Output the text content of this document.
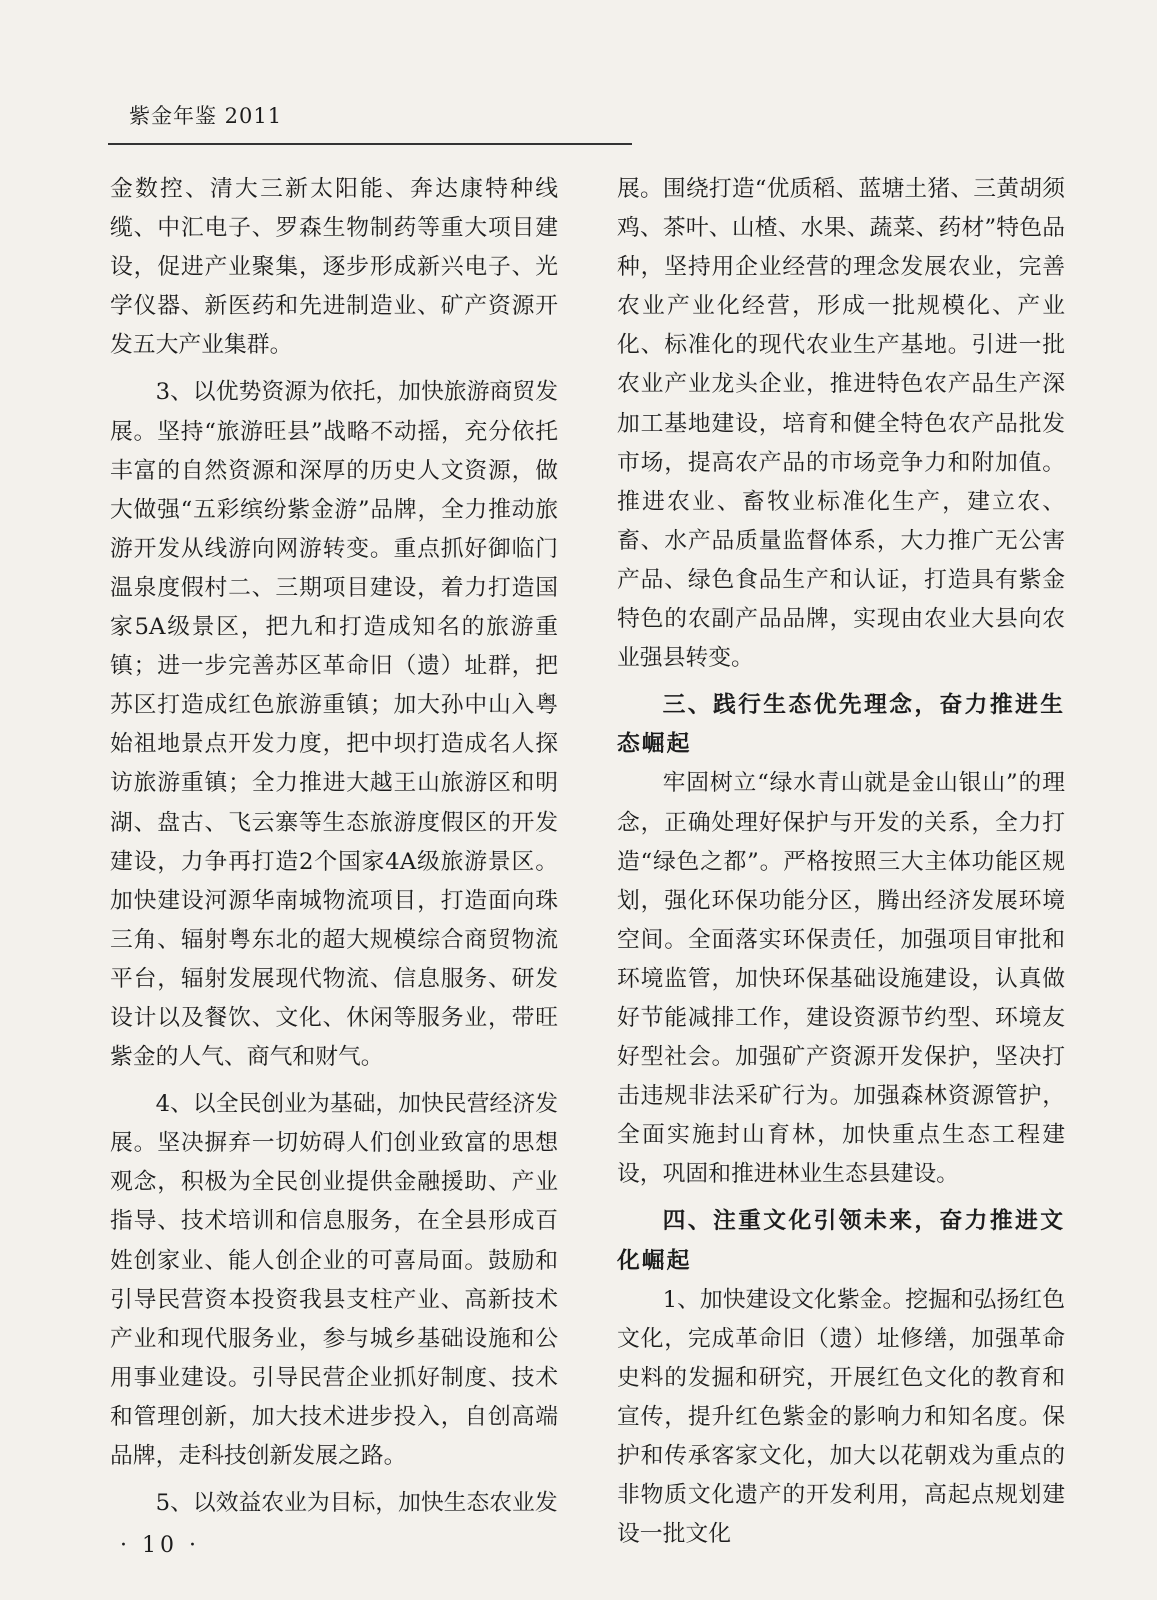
紫金年鉴 2011

金数控、清大三新太阳能、奔达康特种线缆、中汇电子、罗森生物制药等重大项目建设，促进产业聚集，逐步形成新兴电子、光学仪器、新医药和先进制造业、矿产资源开发五大产业集群。

3、以优势资源为依托，加快旅游商贸发展。坚持“旅游旺县”战略不动摇，充分依托丰富的自然资源和深厚的历史人文资源，做大做强“五彩缤纷紫金游”品牌，全力推动旅游开发从线游向网游转变。重点抓好御临门温泉度假村二、三期项目建设，着力打造国家5A级景区，把九和打造成知名的旅游重镇；进一步完善苏区革命旧（遗）址群，把苏区打造成红色旅游重镇；加大孙中山入粤始祖地景点开发力度，把中坝打造成名人探访旅游重镇；全力推进大越王山旅游区和明湖、盘古、飞云寨等生态旅游度假区的开发建设，力争再打造2个国家4A级旅游景区。加快建设河源华南城物流项目，打造面向珠三角、辐射粤东北的超大规模综合商贸物流平台，辐射发展现代物流、信息服务、研发设计以及餐饮、文化、休闲等服务业，带旺紫金的人气、商气和财气。

4、以全民创业为基础，加快民营经济发展。坚决摒弃一切妨碍人们创业致富的思想观念，积极为全民创业提供金融援助、产业指导、技术培训和信息服务，在全县形成百姓创家业、能人创企业的可喜局面。鼓励和引导民营资本投资我县支柱产业、高新技术产业和现代服务业，参与城乡基础设施和公用事业建设。引导民营企业抓好制度、技术和管理创新，加大技术进步投入，自创高端品牌，走科技创新发展之路。

5、以效益农业为目标，加快生态农业发

展。围绕打造“优质稻、蓝塘土猪、三黄胡须鸡、茶叶、山楂、水果、蔬菜、药材”特色品种，坚持用企业经营的理念发展农业，完善农业产业化经营，形成一批规模化、产业化、标准化的现代农业生产基地。引进一批农业产业龙头企业，推进特色农产品生产深加工基地建设，培育和健全特色农产品批发市场，提高农产品的市场竞争力和附加值。推进农业、畜牧业标准化生产，建立农、畜、水产品质量监督体系，大力推广无公害产品、绿色食品生产和认证，打造具有紫金特色的农副产品品牌，实现由农业大县向农业强县转变。

三、践行生态优先理念，奋力推进生态崛起

牢固树立“绿水青山就是金山银山”的理念，正确处理好保护与开发的关系，全力打造“绿色之都”。严格按照三大主体功能区规划，强化环保功能分区，腾出经济发展环境空间。全面落实环保责任，加强项目审批和环境监管，加快环保基础设施建设，认真做好节能减排工作，建设资源节约型、环境友好型社会。加强矿产资源开发保护，坚决打击违规非法采矿行为。加强森林资源管护，全面实施封山育林，加快重点生态工程建设，巩固和推进林业生态县建设。

四、注重文化引领未来，奋力推进文化崛起

1、加快建设文化紫金。挖掘和弘扬红色文化，完成革命旧（遗）址修缮，加强革命史料的发掘和研究，开展红色文化的教育和宣传，提升红色紫金的影响力和知名度。保护和传承客家文化，加大以花朝戏为重点的非物质文化遗产的开发利用，高起点规划建设一批文化

· 10 ·
